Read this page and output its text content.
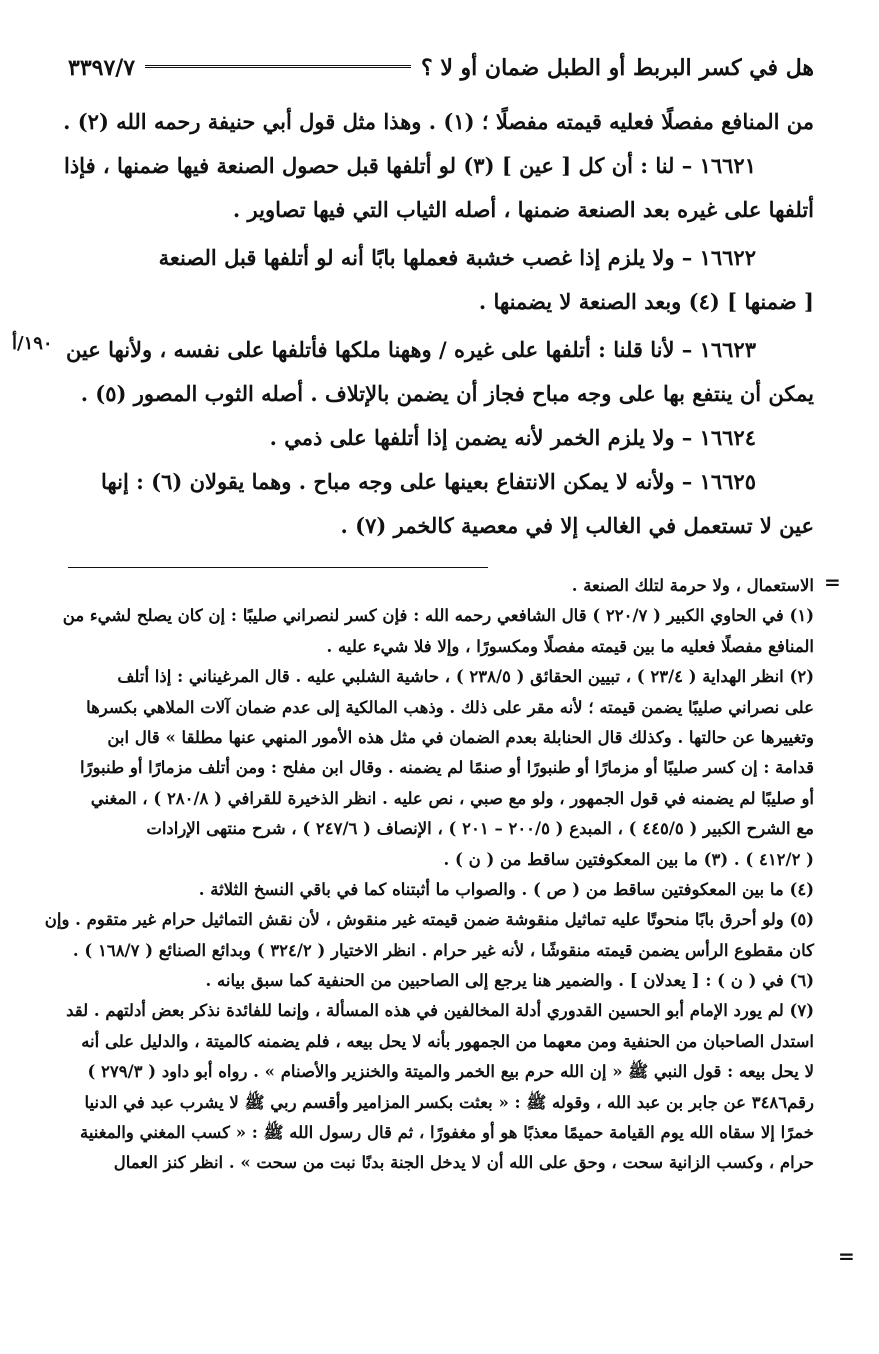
هل في كسر البربط أو الطبل ضمان أو لا ؟
٣٣٩٧/٧
١٩٠/أ
من المنافع مفصلًا فعليه قيمته مفصلًا ؛ (١) . وهذا مثل قول أبي حنيفة رحمه الله (٢) .
١٦٦٢١ – لنا : أن كل [ عين ] (٣) لو أتلفها قبل حصول الصنعة فيها ضمنها ، فإذا
أتلفها على غيره بعد الصنعة ضمنها ، أصله الثياب التي فيها تصاوير .
١٦٦٢٢ – ولا يلزم إذا غصب خشبة فعملها بابًا أنه لو أتلفها قبل الصنعة
[ ضمنها ] (٤) وبعد الصنعة لا يضمنها .
١٦٦٢٣ – لأنا قلنا : أتلفها على غيره / وههنا ملكها فأتلفها على نفسه ، ولأنها عين
يمكن أن ينتفع بها على وجه مباح فجاز أن يضمن بالإتلاف . أصله الثوب المصور (٥) .
١٦٦٢٤ – ولا يلزم الخمر لأنه يضمن إذا أتلفها على ذمي .
١٦٦٢٥ – ولأنه لا يمكن الانتفاع بعينها على وجه مباح . وهما يقولان (٦) : إنها
عين لا تستعمل في الغالب إلا في معصية كالخمر (٧) .
=
=
الاستعمال ، ولا حرمة لتلك الصنعة .
(١) في الحاوي الكبير ( ٢٢٠/٧ ) قال الشافعي رحمه الله : فإن كسر لنصراني صليبًا : إن كان يصلح لشيء من
المنافع مفصلًا فعليه ما بين قيمته مفصلًا ومكسورًا ، وإلا فلا شيء عليه .
(٢) انظر الهداية ( ٢٣/٤ ) ، تبيين الحقائق ( ٢٣٨/٥ ) ، حاشية الشلبي عليه . قال المرغيناني : إذا أتلف
على نصراني صليبًا يضمن قيمته ؛ لأنه مقر على ذلك . وذهب المالكية إلى عدم ضمان آلات الملاهي بكسرها
وتغييرها عن حالتها . وكذلك قال الحنابلة بعدم الضمان في مثل هذه الأمور المنهي عنها مطلقا » قال ابن
قدامة : إن كسر صليبًا أو مزمارًا أو طنبورًا أو صنمًا لم يضمنه . وقال ابن مفلح : ومن أتلف مزمارًا أو طنبورًا
أو صليبًا لم يضمنه في قول الجمهور ، ولو مع صبي ، نص عليه . انظر الذخيرة للقرافي ( ٢٨٠/٨ ) ، المغني
مع الشرح الكبير ( ٤٤٥/٥ ) ، المبدع ( ٢٠٠/٥ – ٢٠١ ) ، الإنصاف ( ٢٤٧/٦ ) ، شرح منتهى الإرادات
( ٤١٢/٢ ) . (٣) ما بين المعكوفتين ساقط من ( ن ) .
(٤) ما بين المعكوفتين ساقط من ( ص ) . والصواب ما أثبتناه كما في باقي النسخ الثلاثة .
(٥) ولو أحرق بابًا منحوتًا عليه تماثيل منقوشة ضمن قيمته غير منقوش ، لأن نقش التماثيل حرام غير متقوم . وإن
كان مقطوع الرأس يضمن قيمته منقوشًا ، لأنه غير حرام . انظر الاختيار ( ٣٢٤/٢ ) وبدائع الصنائع ( ١٦٨/٧ ) .
(٦) في ( ن ) : [ يعدلان ] . والضمير هنا يرجع إلى الصاحبين من الحنفية كما سبق بيانه .
(٧) لم يورد الإمام أبو الحسين القدوري أدلة المخالفين في هذه المسألة ، وإنما للفائدة نذكر بعض أدلتهم . لقد
استدل الصاحبان من الحنفية ومن معهما من الجمهور بأنه لا يحل بيعه ، فلم يضمنه كالميتة ، والدليل على أنه
لا يحل بيعه : قول النبي ﷺ « إن الله حرم بيع الخمر والميتة والخنزير والأصنام » . رواه أبو داود ( ٢٧٩/٣ )
رقم٣٤٨٦ عن جابر بن عبد الله ، وقوله ﷺ : « بعثت بكسر المزامير وأقسم ربي ﷺ لا يشرب عبد في الدنيا
خمرًا إلا سقاه الله يوم القيامة حميمًا معذبًا هو أو مغفورًا ، ثم قال رسول الله ﷺ : « كسب المغني والمغنية
حرام ، وكسب الزانية سحت ، وحق على الله أن لا يدخل الجنة بدنًا نبت من سحت » . انظر كنز العمال
